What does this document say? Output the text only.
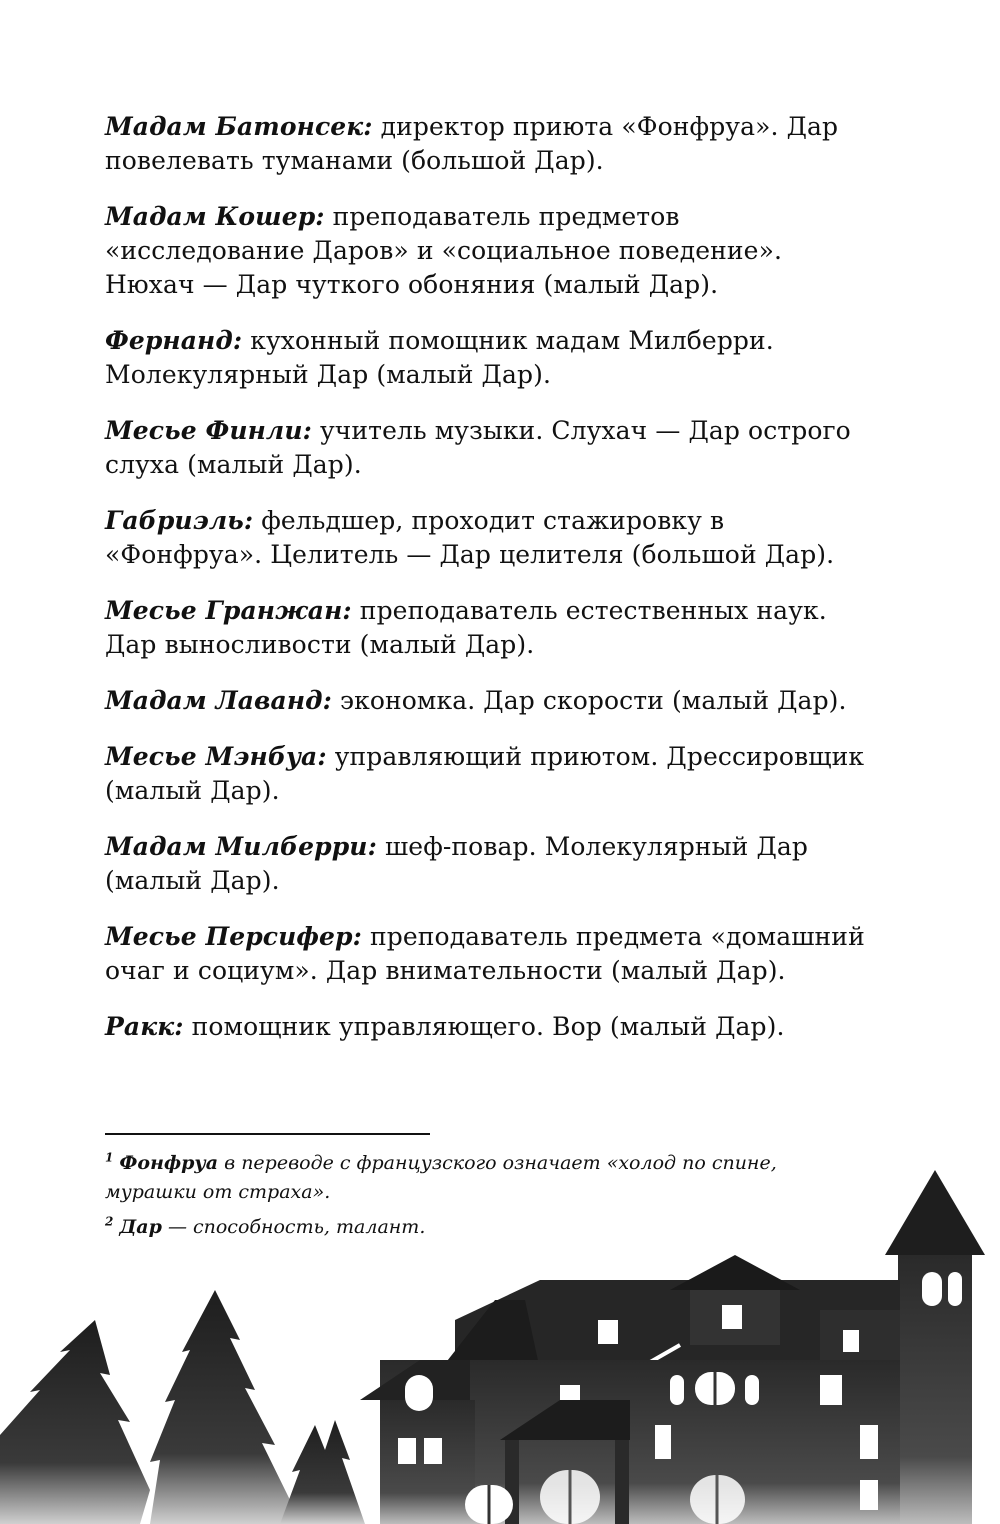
Мадам Батонсек: директор приюта «Фонфруа». Дар повелевать туманами (большой Дар).

Мадам Кошер: преподаватель предметов «исследование Даров» и «социальное поведение». Нюхач — Дар чуткого обоняния (малый Дар).

Фернанд: кухонный помощник мадам Милберри. Молекулярный Дар (малый Дар).

Месье Финли: учитель музыки. Слухач — Дар острого слуха (малый Дар).

Габриэль: фельдшер, проходит стажировку в «Фонфруа». Целитель — Дар целителя (большой Дар).

Месье Гранжан: преподаватель естественных наук. Дар выносливости (малый Дар).

Мадам Лаванд: экономка. Дар скорости (малый Дар).

Месье Мэнбуа: управляющий приютом. Дрессировщик (малый Дар).

Мадам Милберри: шеф-повар. Молекулярный Дар (малый Дар).

Месье Персифер: преподаватель предмета «домашний очаг и социум». Дар внимательности (малый Дар).

Ракк: помощник управляющего. Вор (малый Дар).

$^1$ Фонфруа в переводе с французского означает «холод по спине, мурашки от страха».

$^2$ Дар — способность, талант.
